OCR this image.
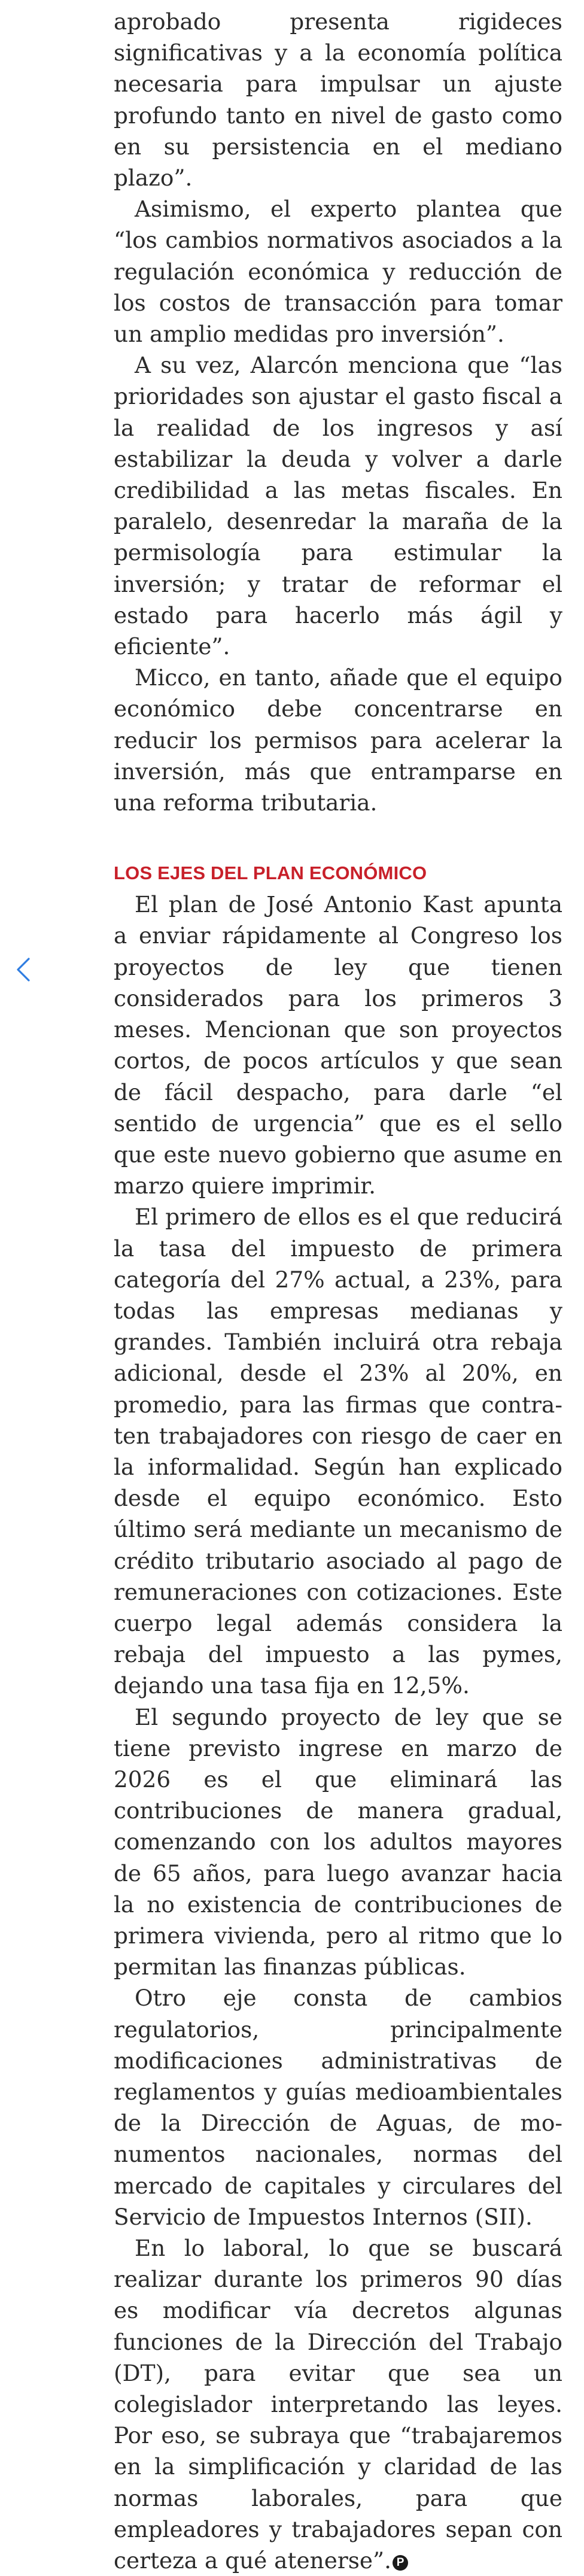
aprobado presenta rigideces significativas y a la economía política necesaria para impulsar un ajuste profundo tanto en nivel de gasto como en su persistencia en el mediano plazo”.

Asimismo, el experto plantea que “los cambios normativos asociados a la regulación económica y reducción de los costos de transacción para tomar un amplio medidas pro inversión”.

A su vez, Alarcón menciona que “las prioridades son ajustar el gasto fiscal a la realidad de los ingresos y así estabilizar la deuda y volver a darle credibilidad a las metas fiscales. En paralelo, desenredar la maraña de la permisología para estimular la inversión; y tratar de reformar el estado para hacerlo más ágil y eficiente”.

Micco, en tanto, añade que el equipo económico debe concentrarse en reducir los permisos para acelerar la inversión, más que entramparse en una reforma tributaria.

LOS EJES DEL PLAN ECONÓMICO

El plan de José Antonio Kast apunta a enviar rápidamente al Congreso los proyectos de ley que tienen considerados para los primeros 3 meses. Mencionan que son proyectos cortos, de pocos artículos y que sean de fácil despacho, para darle “el sentido de urgencia” que es el sello que este nuevo gobierno que asume en marzo quiere imprimir.

El primero de ellos es el que reducirá la tasa del impuesto de primera categoría del 27% actual, a 23%, para todas las empresas medianas y grandes. También incluirá otra rebaja adicional, desde el 23% al 20%, en promedio, para las firmas que contraten trabajadores con riesgo de caer en la informalidad. Según han explicado desde el equipo económico. Esto último será mediante un mecanismo de crédito tributario asociado al pago de remuneraciones con cotizaciones. Este cuerpo legal además considera la rebaja del impuesto a las pymes, dejando una tasa fija en 12,5%.

El segundo proyecto de ley que se tiene previsto ingrese en marzo de 2026 es el que eliminará las contribuciones de manera gradual, comenzando con los adultos mayores de 65 años, para luego avanzar hacia la no existencia de contribuciones de primera vivienda, pero al ritmo que lo permitan las finanzas públicas.

Otro eje consta de cambios regulatorios, principalmente modificaciones administrativas de reglamentos y guías medioambientales de la Dirección de Aguas, de monumentos nacionales, normas del mercado de capitales y circulares del Servicio de Impuestos Internos (SII).

En lo laboral, lo que se buscará realizar durante los primeros 90 días es modificar vía decretos algunas funciones de la Dirección del Trabajo (DT), para evitar que sea un colegislador interpretando las leyes. Por eso, se subraya que “trabajaremos en la simplificación y claridad de las normas laborales, para que empleadores y trabajadores sepan con certeza a qué atenerse”. P
